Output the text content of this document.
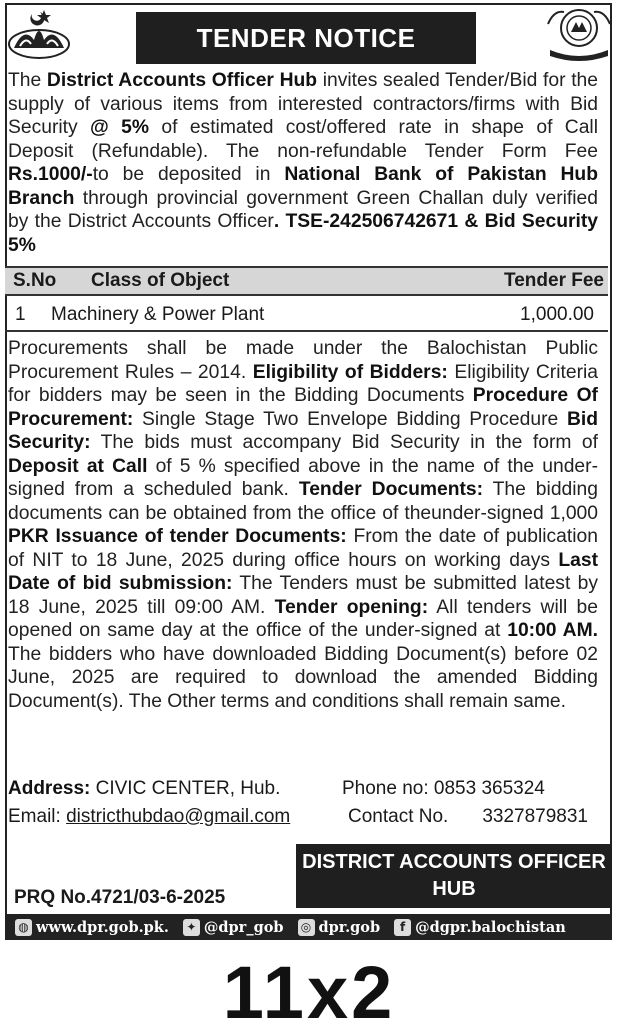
TENDER NOTICE
The District Accounts Officer Hub invites sealed Tender/Bid for the supply of various items from interested contractors/firms with Bid Security @ 5% of estimated cost/offered rate in shape of Call Deposit (Refundable). The non-refundable Tender Form Fee Rs.1000/-to be deposited in National Bank of Pakistan Hub Branch through provincial government Green Challan duly verified by the District Accounts Officer. TSE-242506742671 & Bid Security 5%
S.No Class of Object	Tender Fee
1 Machinery & Power Plant	1,000.00
Procurements shall be made under the Balochistan Public Procurement Rules – 2014. Eligibility of Bidders: Eligibility Criteria for bidders may be seen in the Bidding Documents Procedure Of Procurement: Single Stage Two Envelope Bidding Procedure Bid Security: The bids must accompany Bid Security in the form of Deposit at Call of 5 % specified above in the name of the under-signed from a scheduled bank. Tender Documents: The bidding documents can be obtained from the office of theunder-signed 1,000 PKR Issuance of tender Documents: From the date of publication of NIT to 18 June, 2025 during office hours on working days Last Date of bid submission: The Tenders must be submitted latest by 18 June, 2025 till 09:00 AM. Tender opening: All tenders will be opened on same day at the office of the under-signed at 10:00 AM. The bidders who have downloaded Bidding Document(s) before 02 June, 2025 are required to download the amended Bidding Document(s). The Other terms and conditions shall remain same.
Address: CIVIC CENTER, Hub.	Phone no: 0853 365324
Email: districthubdao@gmail.com	Contact No. 3327879831
DISTRICT ACCOUNTS OFFICER
HUB
PRQ No.4721/03-6-2025
◍ www.dpr.gob.pk. ✦ @dpr_gob ◎ dpr.gob	f @dgpr.balochistan
11x2
